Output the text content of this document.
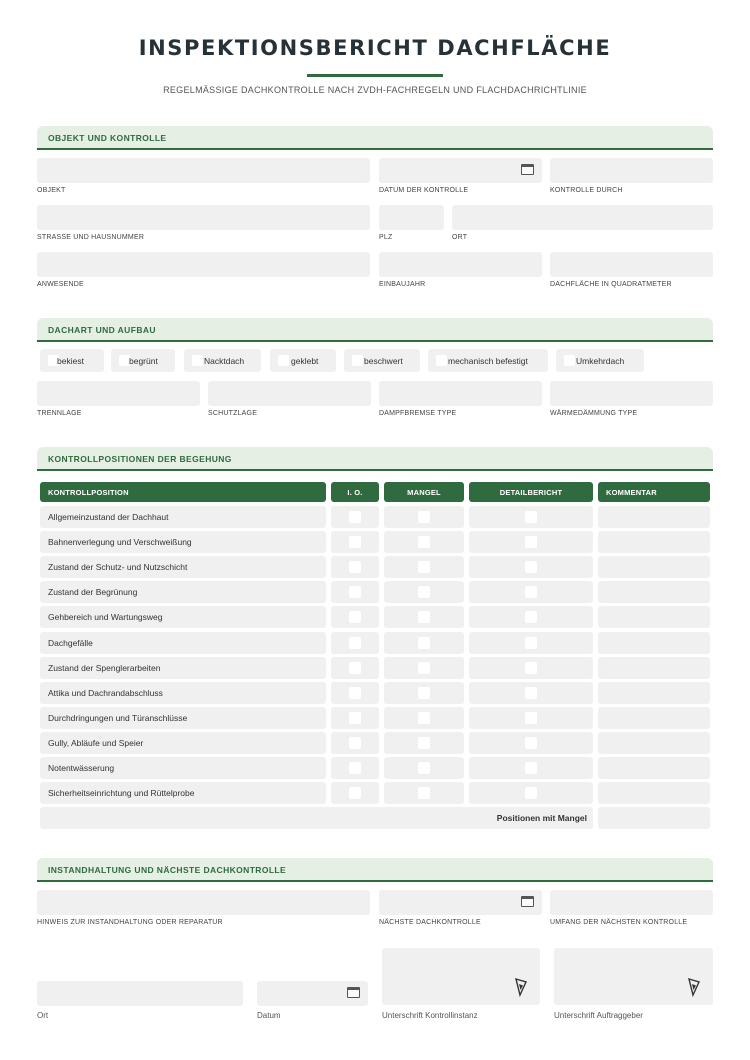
INSPEKTIONSBERICHT DACHFLÄCHE
REGELMÄSSIGE DACHKONTROLLE NACH ZVDH-FACHREGELN UND FLACHDACHRICHTLINIE
OBJEKT UND KONTROLLE
OBJEKT	DATUM DER KONTROLLE	KONTROLLE DURCH
STRASSE UND HAUSNUMMER	PLZ	ORT
ANWESENDE	EINBAUJAHR	DACHFLÄCHE IN QUADRATMETER
DACHART UND AUFBAU
bekiest	begrünt	Nacktdach	geklebt	beschwert	mechanisch befestigt	Umkehrdach
TRENNLAGE	SCHUTZLAGE	DAMPFBREMSE TYPE	WÄRMEDÄMMUNG TYPE
KONTROLLPOSITIONEN DER BEGEHUNG
KONTROLLPOSITION	I. O.	MANGEL	DETAILBERICHT	KOMMENTAR
Allgemeinzustand der Dachhaut
Bahnenverlegung und Verschweißung
Zustand der Schutz- und Nutzschicht
Zustand der Begrünung
Gehbereich und Wartungsweg
Dachgefälle
Zustand der Spenglerarbeiten
Attika und Dachrandabschluss
Durchdringungen und Türanschlüsse
Gully, Abläufe und Speier
Notentwässerung
Sicherheitseinrichtung und Rüttelprobe
Positionen mit Mangel
INSTANDHALTUNG UND NÄCHSTE DACHKONTROLLE
HINWEIS ZUR INSTANDHALTUNG ODER REPARATUR	NÄCHSTE DACHKONTROLLE	UMFANG DER NÄCHSTEN KONTROLLE
Ort	Datum	Unterschrift Kontrollinstanz	Unterschrift Auftraggeber
